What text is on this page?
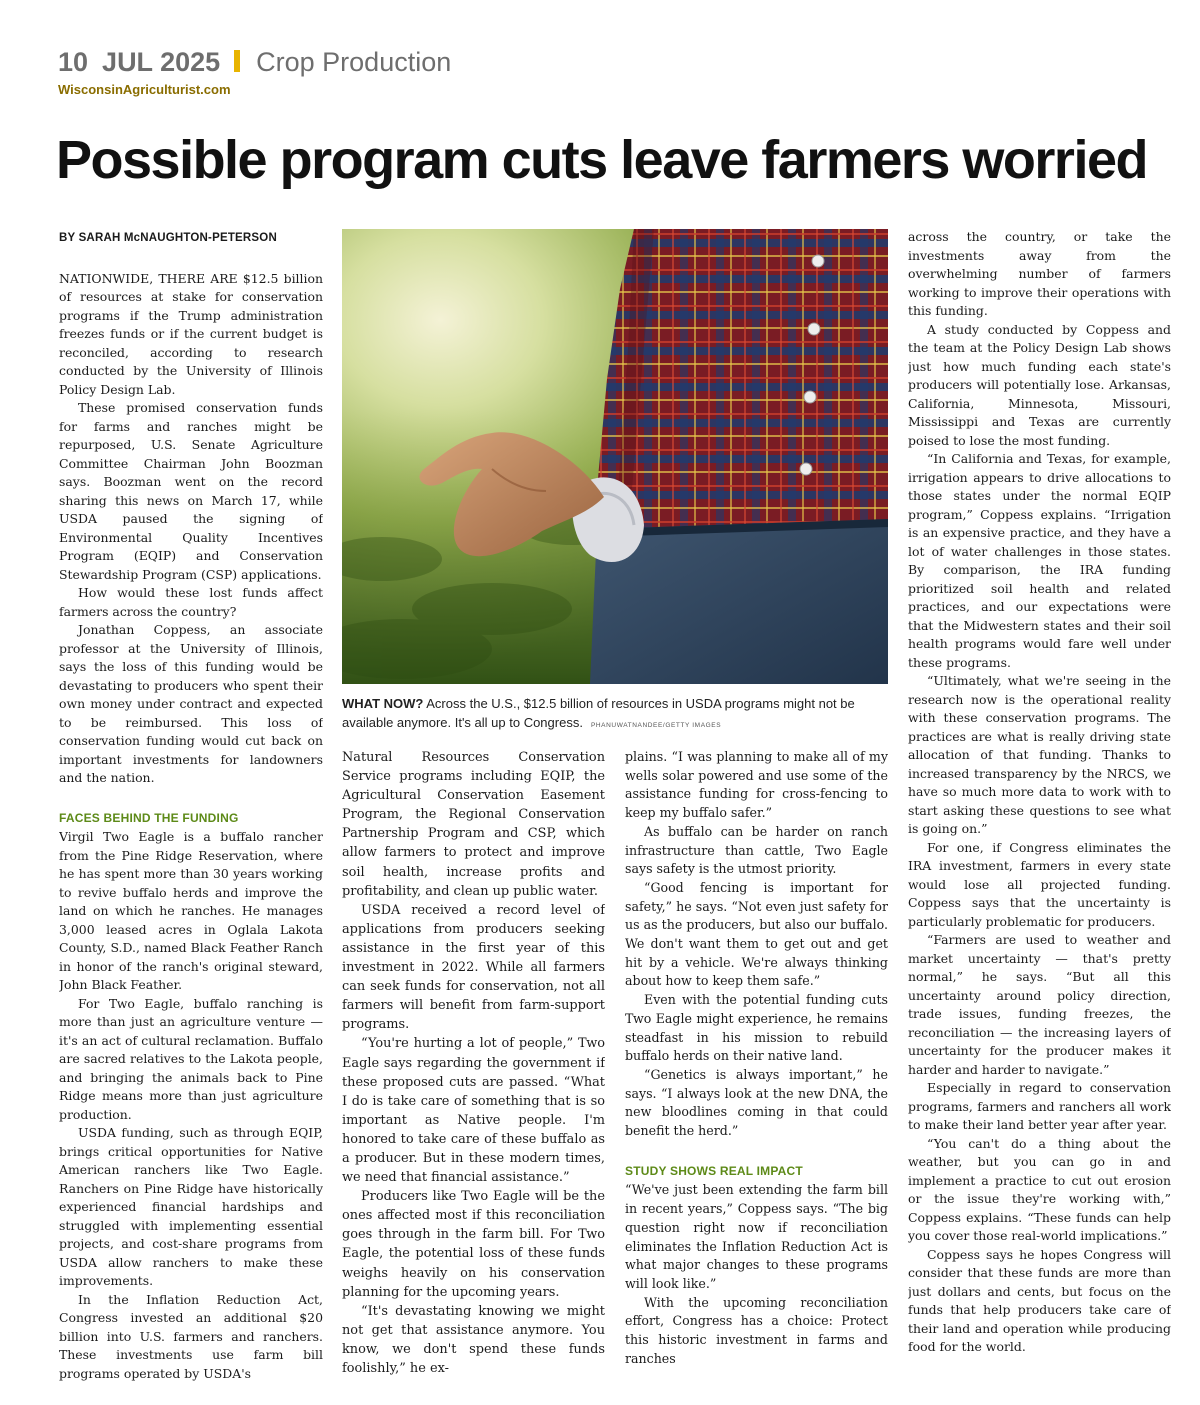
10 JUL 2025 Crop Production
WisconsinAgriculturist.com
Possible program cuts leave farmers worried
BY SARAH McNAUGHTON-PETERSON

NATIONWIDE, THERE ARE $12.5 billion of resources at stake for conservation programs if the Trump administration freezes funds or if the current budget is reconciled, according to research conducted by the University of Illinois Policy Design Lab.

These promised conservation funds for farms and ranches might be repurposed, U.S. Senate Agriculture Committee Chairman John Boozman says. Boozman went on the record sharing this news on March 17, while USDA paused the signing of Environmental Quality Incentives Program (EQIP) and Conservation Stewardship Program (CSP) applications.

How would these lost funds affect farmers across the country?

Jonathan Coppess, an associate professor at the University of Illinois, says the loss of this funding would be devastating to producers who spent their own money under contract and expected to be reimbursed. This loss of conservation funding would cut back on important investments for landowners and the nation.

FACES BEHIND THE FUNDING

Virgil Two Eagle is a buffalo rancher from the Pine Ridge Reservation, where he has spent more than 30 years working to revive buffalo herds and improve the land on which he ranches. He manages 3,000 leased acres in Oglala Lakota County, S.D., named Black Feather Ranch in honor of the ranch's original steward, John Black Feather.

For Two Eagle, buffalo ranching is more than just an agriculture venture — it's an act of cultural reclamation. Buffalo are sacred relatives to the Lakota people, and bringing the animals back to Pine Ridge means more than just agriculture production.

USDA funding, such as through EQIP, brings critical opportunities for Native American ranchers like Two Eagle. Ranchers on Pine Ridge have historically experienced financial hardships and struggled with implementing essential projects, and cost-share programs from USDA allow ranchers to make these improvements.

In the Inflation Reduction Act, Congress invested an additional $20 billion into U.S. farmers and ranchers. These investments use farm bill programs operated by USDA's

WHAT NOW? Across the U.S., $12.5 billion of resources in USDA programs might not be available anymore. It's all up to Congress. PHANUWATNANDEE/GETTY IMAGES

Natural Resources Conservation Service programs including EQIP, the Agricultural Conservation Easement Program, the Regional Conservation Partnership Program and CSP, which allow farmers to protect and improve soil health, increase profits and profitability, and clean up public water.

USDA received a record level of applications from producers seeking assistance in the first year of this investment in 2022. While all farmers can seek funds for conservation, not all farmers will benefit from farm-support programs.

“You're hurting a lot of people,” Two Eagle says regarding the government if these proposed cuts are passed. “What I do is take care of something that is so important as Native people. I'm honored to take care of these buffalo as a producer. But in these modern times, we need that financial assistance.”

Producers like Two Eagle will be the ones affected most if this reconciliation goes through in the farm bill. For Two Eagle, the potential loss of these funds weighs heavily on his conservation planning for the upcoming years.

“It's devastating knowing we might not get that assistance anymore. You know, we don't spend these funds foolishly,” he ex-

plains. “I was planning to make all of my wells solar powered and use some of the assistance funding for cross-fencing to keep my buffalo safer.”

As buffalo can be harder on ranch infrastructure than cattle, Two Eagle says safety is the utmost priority.

“Good fencing is important for safety,” he says. “Not even just safety for us as the producers, but also our buffalo. We don't want them to get out and get hit by a vehicle. We're always thinking about how to keep them safe.”

Even with the potential funding cuts Two Eagle might experience, he remains steadfast in his mission to rebuild buffalo herds on their native land.

“Genetics is always important,” he says. “I always look at the new DNA, the new bloodlines coming in that could benefit the herd.”

STUDY SHOWS REAL IMPACT

“We've just been extending the farm bill in recent years,” Coppess says. “The big question right now if reconciliation eliminates the Inflation Reduction Act is what major changes to these programs will look like.”

With the upcoming reconciliation effort, Congress has a choice: Protect this historic investment in farms and ranches

across the country, or take the investments away from the overwhelming number of farmers working to improve their operations with this funding.

A study conducted by Coppess and the team at the Policy Design Lab shows just how much funding each state's producers will potentially lose. Arkansas, California, Minnesota, Missouri, Mississippi and Texas are currently poised to lose the most funding.

“In California and Texas, for example, irrigation appears to drive allocations to those states under the normal EQIP program,” Coppess explains. “Irrigation is an expensive practice, and they have a lot of water challenges in those states. By comparison, the IRA funding prioritized soil health and related practices, and our expectations were that the Midwestern states and their soil health programs would fare well under these programs.

“Ultimately, what we're seeing in the research now is the operational reality with these conservation programs. The practices are what is really driving state allocation of that funding. Thanks to increased transparency by the NRCS, we have so much more data to work with to start asking these questions to see what is going on.”

For one, if Congress eliminates the IRA investment, farmers in every state would lose all projected funding. Coppess says that the uncertainty is particularly problematic for producers.

“Farmers are used to weather and market uncertainty — that's pretty normal,” he says. “But all this uncertainty around policy direction, trade issues, funding freezes, the reconciliation — the increasing layers of uncertainty for the producer makes it harder and harder to navigate.”

Especially in regard to conservation programs, farmers and ranchers all work to make their land better year after year.

“You can't do a thing about the weather, but you can go in and implement a practice to cut out erosion or the issue they're working with,” Coppess explains. “These funds can help you cover those real-world implications.”

Coppess says he hopes Congress will consider that these funds are more than just dollars and cents, but focus on the funds that help producers take care of their land and operation while producing food for the world.
